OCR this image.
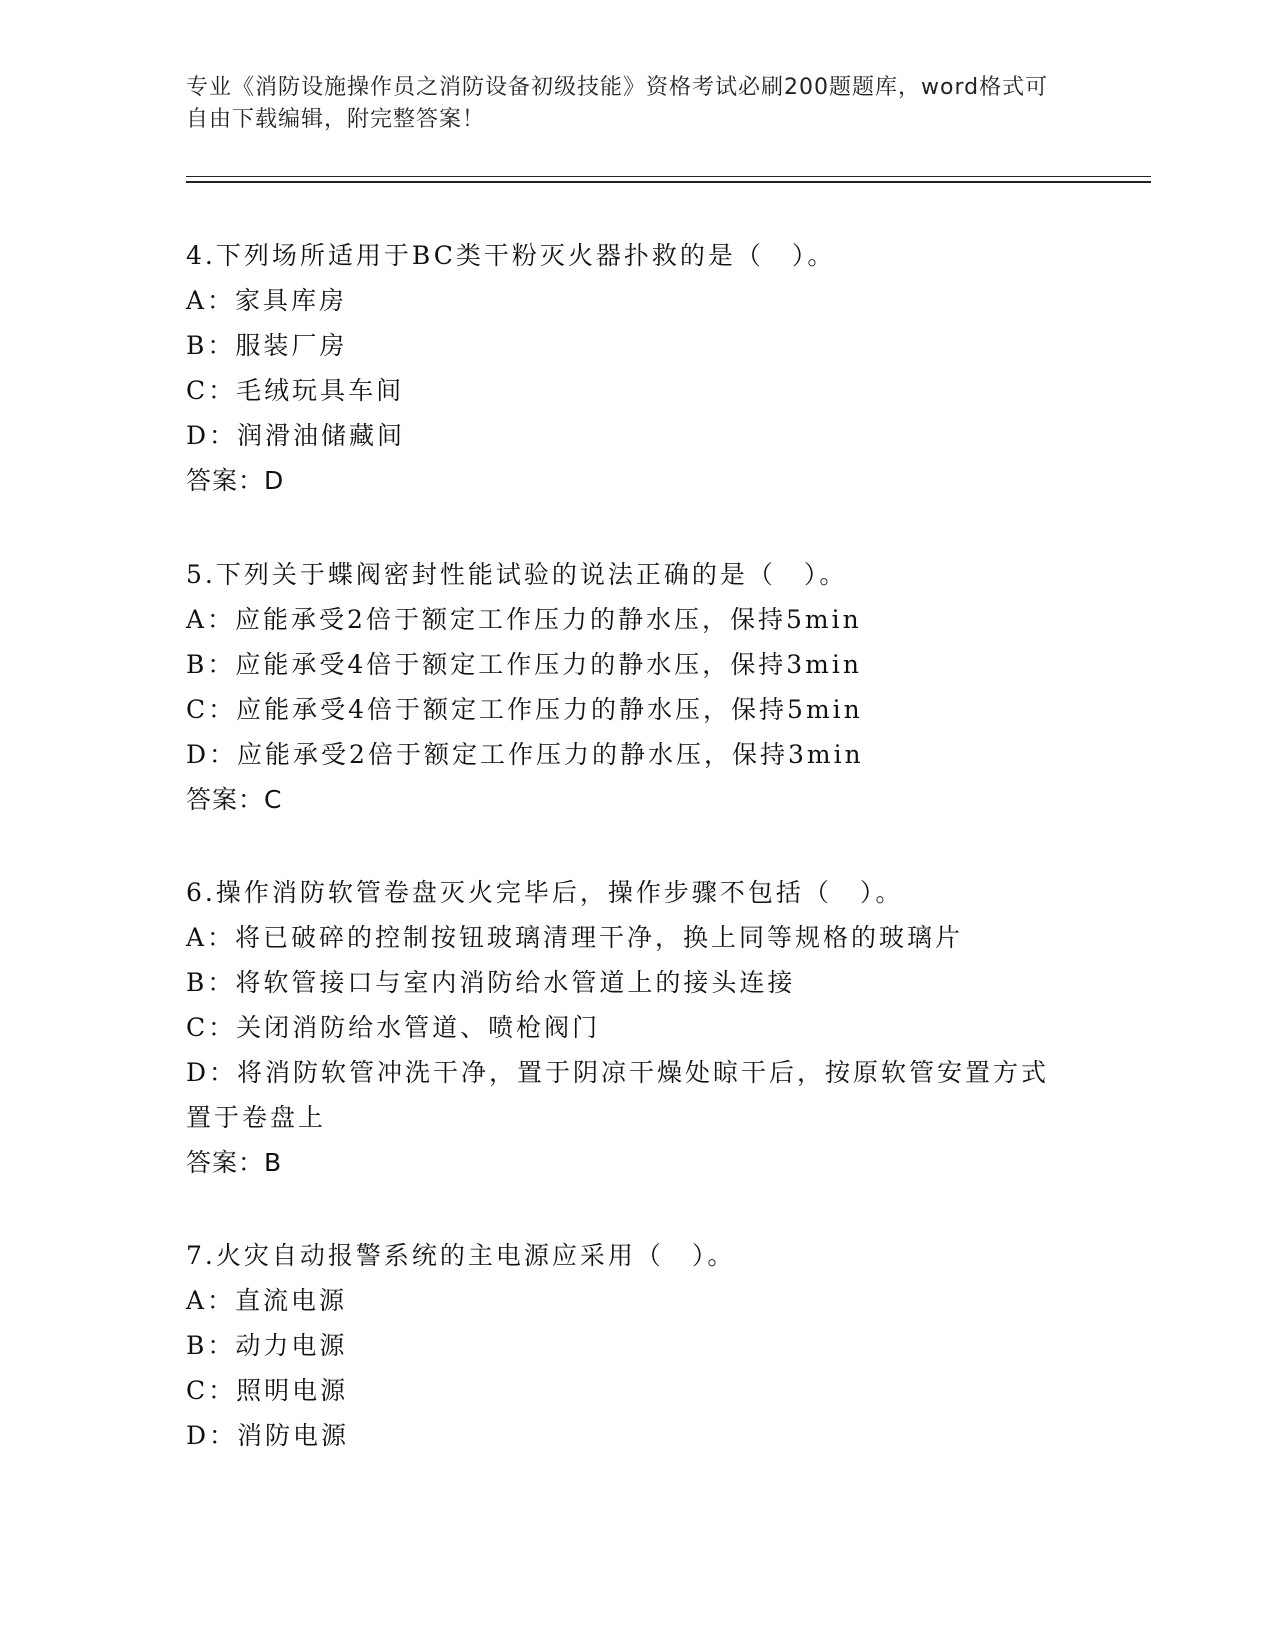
专业《消防设施操作员之消防设备初级技能》资格考试必刷200题题库，word格式可自由下载编辑，附完整答案！
4.下列场所适用于BC类干粉灭火器扑救的是（　）。
A：家具库房
B：服装厂房
C：毛绒玩具车间
D：润滑油储藏间
答案：D
5.下列关于蝶阀密封性能试验的说法正确的是（　）。
A：应能承受2倍于额定工作压力的静水压，保持5min
B：应能承受4倍于额定工作压力的静水压，保持3min
C：应能承受4倍于额定工作压力的静水压，保持5min
D：应能承受2倍于额定工作压力的静水压，保持3min
答案：C
6.操作消防软管卷盘灭火完毕后，操作步骤不包括（　）。
A：将已破碎的控制按钮玻璃清理干净，换上同等规格的玻璃片
B：将软管接口与室内消防给水管道上的接头连接
C：关闭消防给水管道、喷枪阀门
D：将消防软管冲洗干净，置于阴凉干燥处晾干后，按原软管安置方式置于卷盘上
答案：B
7.火灾自动报警系统的主电源应采用（　）。
A：直流电源
B：动力电源
C：照明电源
D：消防电源
